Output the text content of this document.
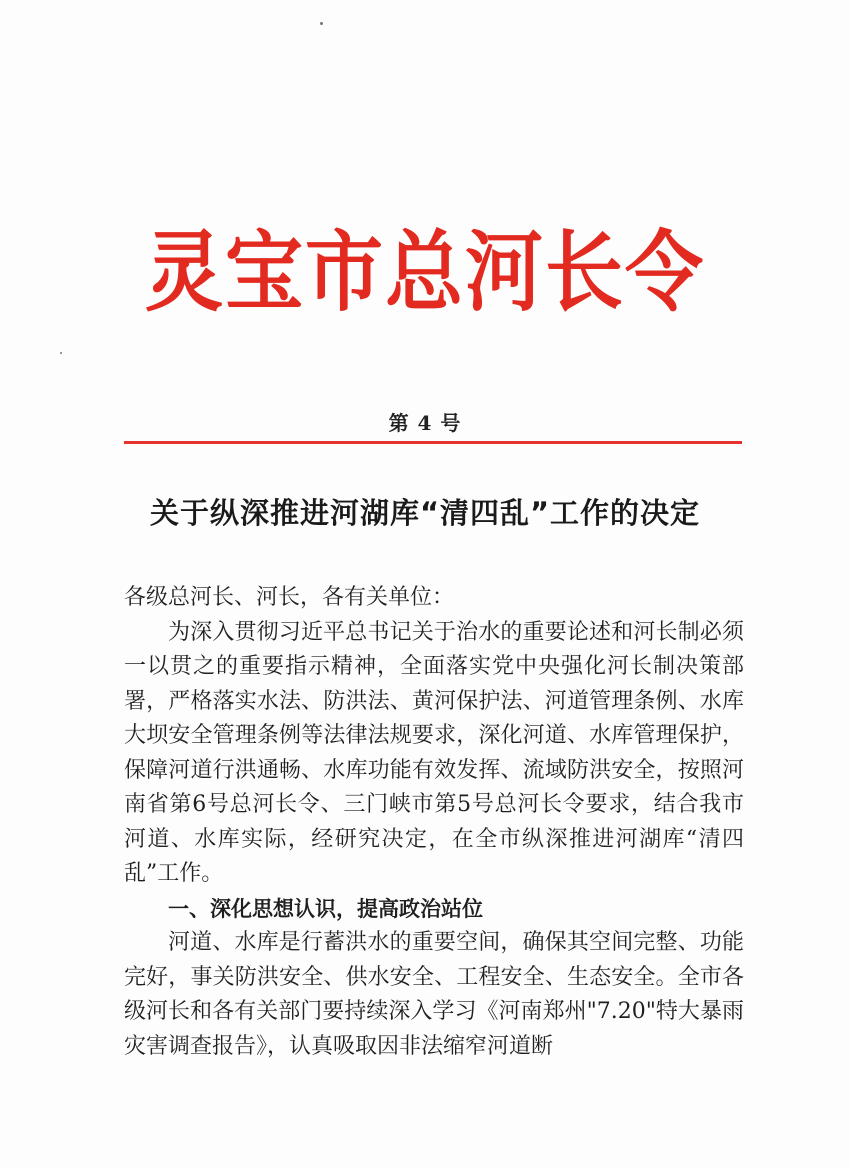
灵宝市总河长令
第 4 号
关于纵深推进河湖库“清四乱”工作的决定

各级总河长、河长，各有关单位：

为深入贯彻习近平总书记关于治水的重要论述和河长制必须一以贯之的重要指示精神，全面落实党中央强化河长制决策部署，严格落实水法、防洪法、黄河保护法、河道管理条例、水库大坝安全管理条例等法律法规要求，深化河道、水库管理保护，保障河道行洪通畅、水库功能有效发挥、流域防洪安全，按照河南省第6号总河长令、三门峡市第5号总河长令要求，结合我市河道、水库实际，经研究决定，在全市纵深推进河湖库“清四乱”工作。

一、深化思想认识，提高政治站位

河道、水库是行蓄洪水的重要空间，确保其空间完整、功能完好，事关防洪安全、供水安全、工程安全、生态安全。全市各级河长和各有关部门要持续深入学习《河南郑州"7.20"特大暴雨灾害调查报告》，认真吸取因非法缩窄河道断
